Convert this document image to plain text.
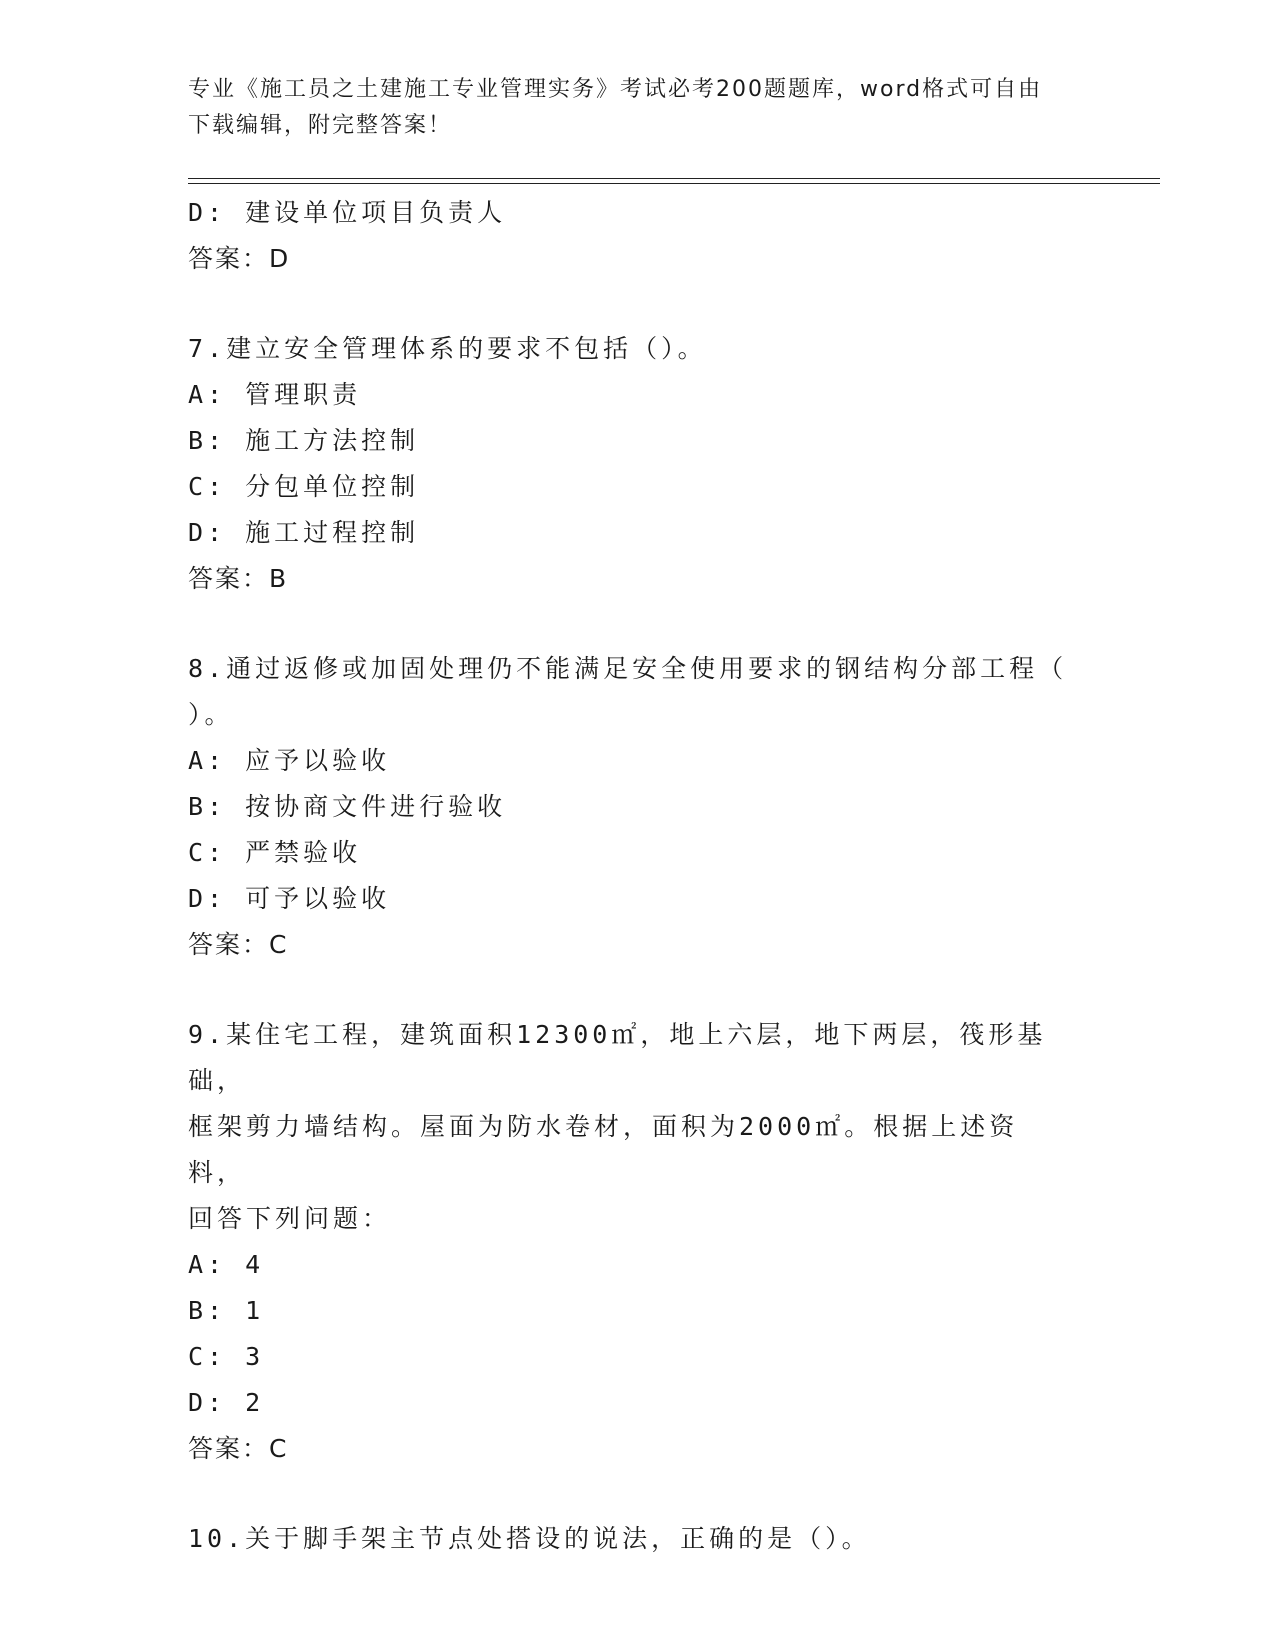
专业《施工员之土建施工专业管理实务》考试必考200题题库，word格式可自由
下载编辑，附完整答案！

D: 建设单位项目负责人

答案：D

7.建立安全管理体系的要求不包括（）。

A: 管理职责

B: 施工方法控制

C: 分包单位控制

D: 施工过程控制

答案：B

8.通过返修或加固处理仍不能满足安全使用要求的钢结构分部工程（

）。

A: 应予以验收

B: 按协商文件进行验收

C: 严禁验收

D: 可予以验收

答案：C

9.某住宅工程，建筑面积12300㎡，地上六层，地下两层，筏形基础，

框架剪力墙结构。屋面为防水卷材，面积为2000㎡。根据上述资料，

回答下列问题：

A: 4

B: 1

C: 3

D: 2

答案：C

10.关于脚手架主节点处搭设的说法，正确的是（）。
